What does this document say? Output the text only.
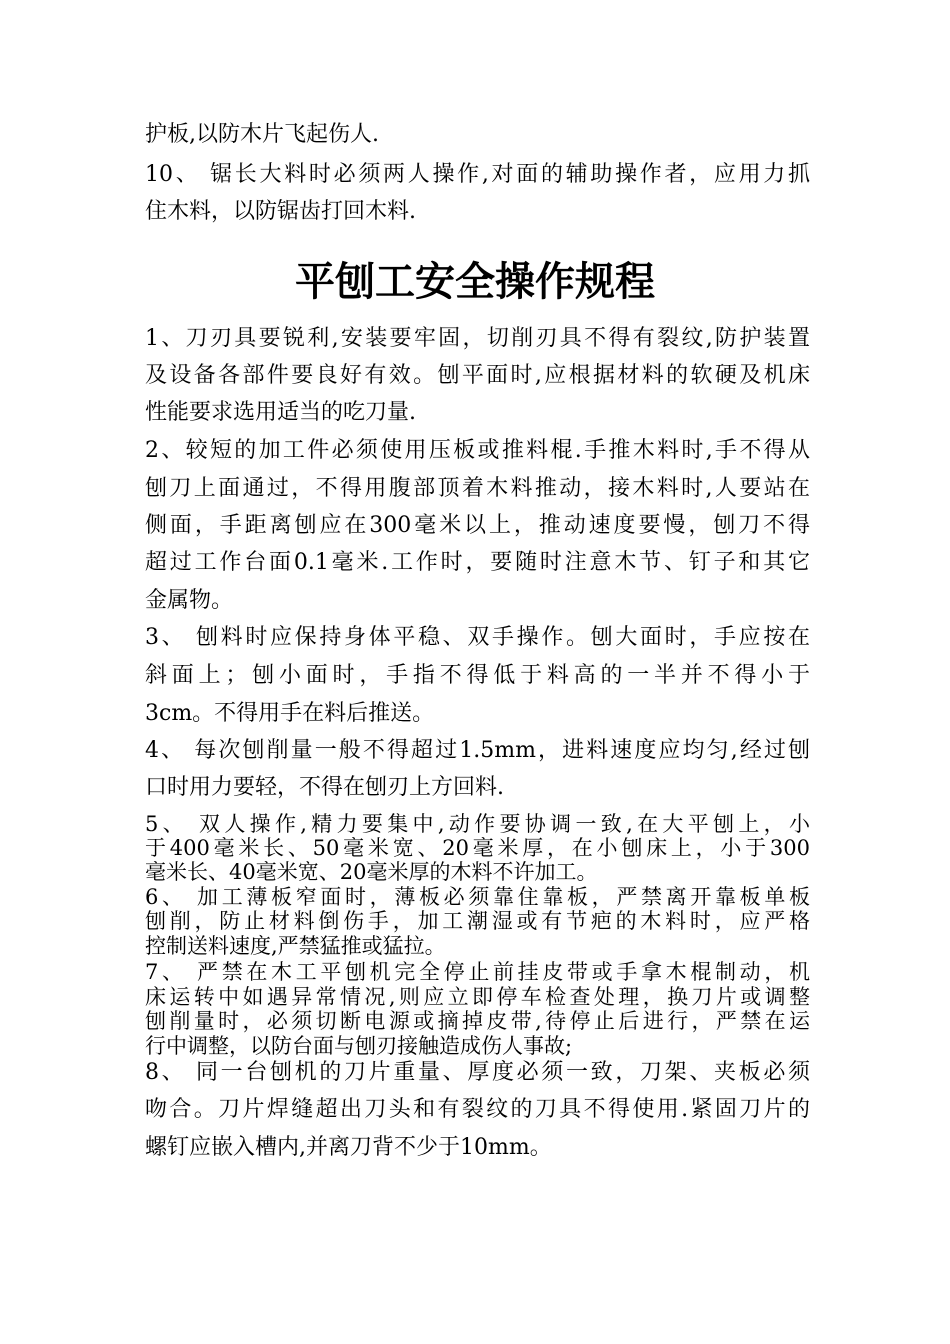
护板,以防木片飞起伤人.
10、 锯长大料时必须两人操作,对面的辅助操作者，应用力抓
住木料，以防锯齿打回木料.
平刨工安全操作规程
1、刀刃具要锐利,安装要牢固，切削刃具不得有裂纹,防护装置
及设备各部件要良好有效。刨平面时,应根据材料的软硬及机床
性能要求选用适当的吃刀量.
2、较短的加工件必须使用压板或推料棍.手推木料时,手不得从
刨刀上面通过，不得用腹部顶着木料推动，接木料时,人要站在
侧面，手距离刨应在300毫米以上，推动速度要慢，刨刀不得
超过工作台面0.1毫米.工作时，要随时注意木节、钉子和其它
金属物。
3、 刨料时应保持身体平稳、双手操作。刨大面时，手应按在
斜面上；刨小面时，手指不得低于料高的一半并不得小于
3cm。不得用手在料后推送。
4、 每次刨削量一般不得超过1.5mm，进料速度应均匀,经过刨
口时用力要轻，不得在刨刃上方回料.
5、 双人操作,精力要集中,动作要协调一致,在大平刨上，小
于400毫米长、50毫米宽、20毫米厚，在小刨床上，小于300
毫米长、40毫米宽、20毫米厚的木料不许加工。
6、 加工薄板窄面时，薄板必须靠住靠板，严禁离开靠板单板
刨削，防止材料倒伤手，加工潮湿或有节疤的木料时，应严格
控制送料速度,严禁猛推或猛拉。
7、 严禁在木工平刨机完全停止前挂皮带或手拿木棍制动，机
床运转中如遇异常情况,则应立即停车检查处理，换刀片或调整
刨削量时，必须切断电源或摘掉皮带,待停止后进行，严禁在运
行中调整，以防台面与刨刃接触造成伤人事故;
8、 同一台刨机的刀片重量、厚度必须一致，刀架、夹板必须
吻合。刀片焊缝超出刀头和有裂纹的刀具不得使用.紧固刀片的
螺钉应嵌入槽内,并离刀背不少于10mm。
